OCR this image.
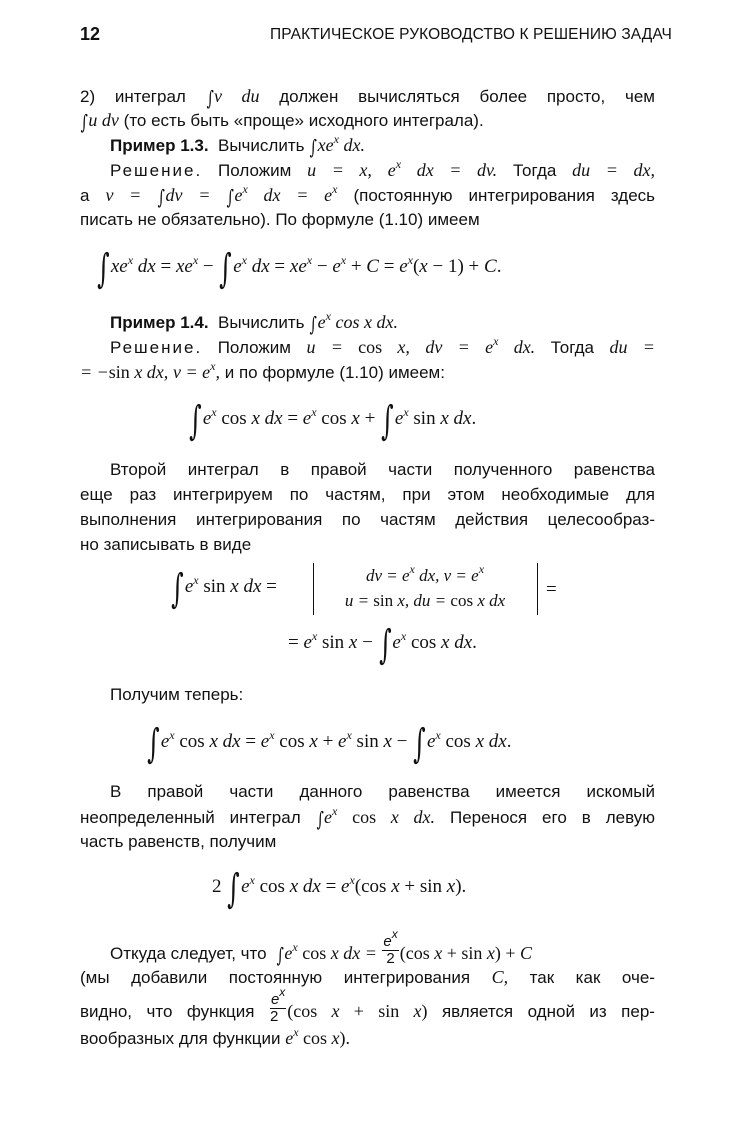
12	ПРАКТИЧЕСКОЕ РУКОВОДСТВО К РЕШЕНИЮ ЗАДАЧ
2) интеграл ∫v du должен вычисляться более просто, чем
∫u dv (то есть быть «проще» исходного интеграла).
Пример 1.3. Вычислить $\int xe^x$ dx.
Решение. Положим u = x, $e^x$ dx = dv. Тогда du = dx,
а $v = \int dv = \int e^x$ dx = $e^x$ (постоянную интегрирования здесь
писать не обязательно). По формуле (1.10) имеем
$\int xe^x$ dx = $xe^x - \int e^x$ dx = $xe^x - e^x + C = e^x(x - 1) + C$.
Пример 1.4. Вычислить $\int e^x$ cos x dx.
Решение. Положим u = cos x, dv = $e^x$ dx. Тогда du =
= −sin x dx, $v = e^x$, и по формуле (1.10) имеем:
$\int e^x$ cos x dx = $e^x$ $\cos x + \int e^x$ sin x dx.
Второй интеграл в правой части полученного равенства
еще раз интегрируем по частям, при этом необходимые для
выполнения интегрирования по частям действия целесообраз-
но записывать в виде
$\int e^x$ sin x dx =
dv = $e^x$ dx, $v = e^x$
u = sin x, du = cos x dx
=
= $e^x$ $\sin x - \int e^x$ cos x dx.
Получим теперь:
$\int e^x$ cos x dx = $e^x$ $\cos x + e^x$ $\sin x - \int e^x$ cos x dx.
В правой части данного равенства имеется искомый
неопределенный интеграл $\int e^x$ cos x dx. Перенося его в левую
часть равенств, получим
2 $\int e^x$ cos x dx = $e^x(\cos$ x + sin x).
Откуда следует, что $\int e^x$ cos x dx = $\frac{e^x}{2} (\cos$ x + sin x) + C
(мы добавили постоянную интегрирования C, так как оче-
видно, что функция $\frac{e^x}{2} (\cos$ x + sin x) является одной из пер-
вообразных для функции $e^x$ cos x).
